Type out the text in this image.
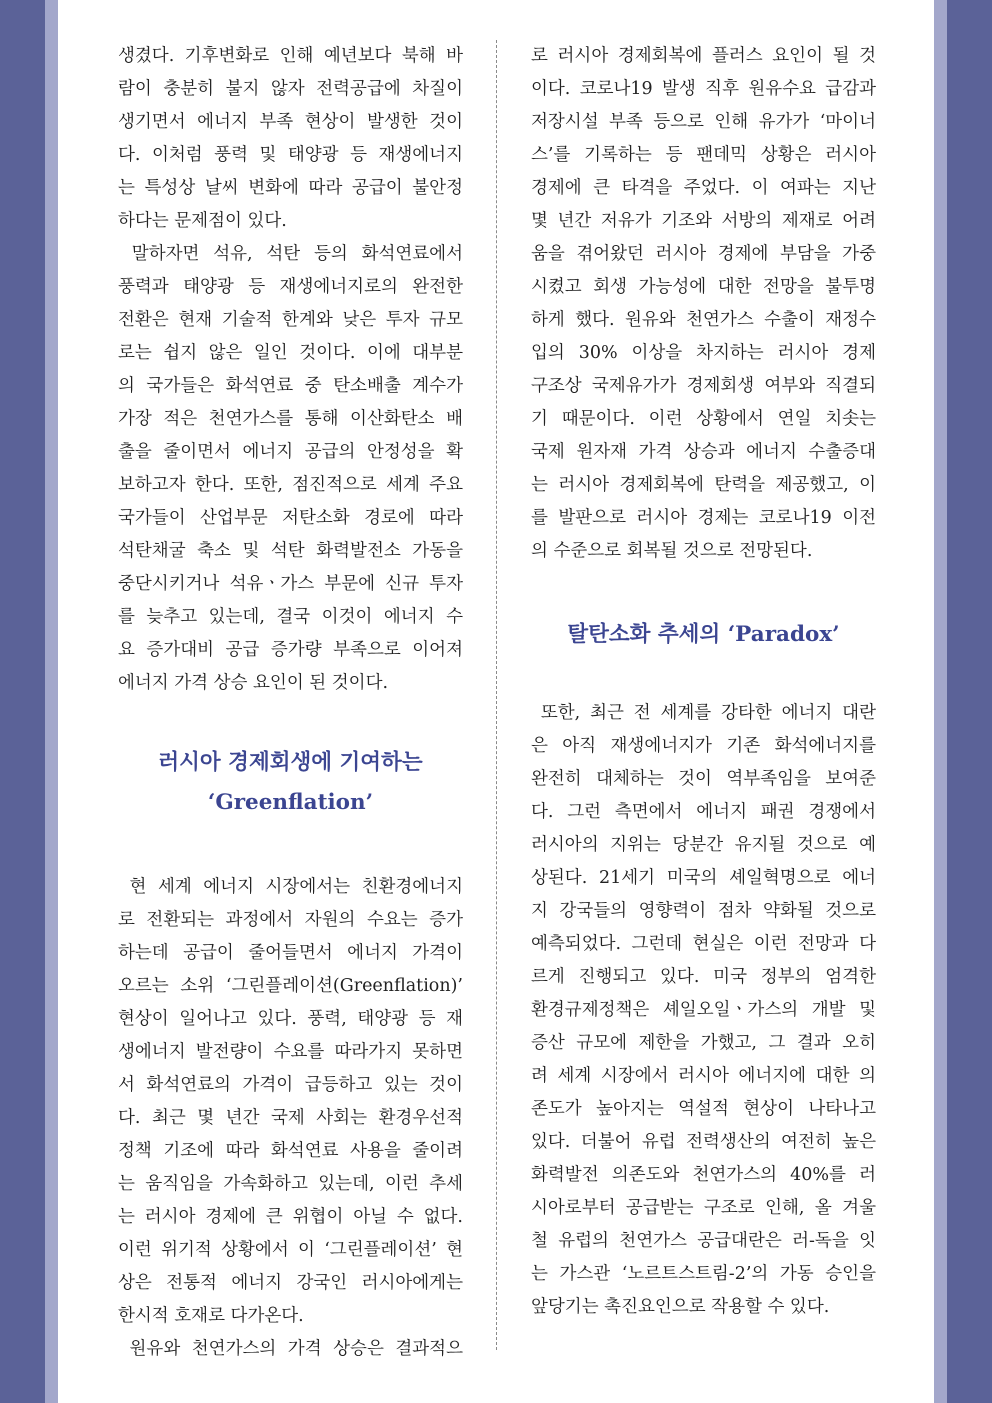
생겼다. 기후변화로 인해 예년보다 북해 바
람이 충분히 불지 않자 전력공급에 차질이
생기면서 에너지 부족 현상이 발생한 것이
다. 이처럼 풍력 및 태양광 등 재생에너지
는 특성상 날씨 변화에 따라 공급이 불안정
하다는 문제점이 있다.
말하자면 석유, 석탄 등의 화석연료에서
풍력과 태양광 등 재생에너지로의 완전한
전환은 현재 기술적 한계와 낮은 투자 규모
로는 쉽지 않은 일인 것이다. 이에 대부분
의 국가들은 화석연료 중 탄소배출 계수가
가장 적은 천연가스를 통해 이산화탄소 배
출을 줄이면서 에너지 공급의 안정성을 확
보하고자 한다. 또한, 점진적으로 세계 주요
국가들이 산업부문 저탄소화 경로에 따라
석탄채굴 축소 및 석탄 화력발전소 가동을
중단시키거나 석유ㆍ가스 부문에 신규 투자
를 늦추고 있는데, 결국 이것이 에너지 수
요 증가대비 공급 증가량 부족으로 이어져
에너지 가격 상승 요인이 된 것이다.
러시아 경제회생에 기여하는
‘Greenflation’
현 세계 에너지 시장에서는 친환경에너지
로 전환되는 과정에서 자원의 수요는 증가
하는데 공급이 줄어들면서 에너지 가격이
오르는 소위 ‘그린플레이션(Greenflation)’
현상이 일어나고 있다. 풍력, 태양광 등 재
생에너지 발전량이 수요를 따라가지 못하면
서 화석연료의 가격이 급등하고 있는 것이
다. 최근 몇 년간 국제 사회는 환경우선적
정책 기조에 따라 화석연료 사용을 줄이려
는 움직임을 가속화하고 있는데, 이런 추세
는 러시아 경제에 큰 위협이 아닐 수 없다.
이런 위기적 상황에서 이 ‘그린플레이션’ 현
상은 전통적 에너지 강국인 러시아에게는
한시적 호재로 다가온다.
원유와 천연가스의 가격 상승은 결과적으
로 러시아 경제회복에 플러스 요인이 될 것
이다. 코로나19 발생 직후 원유수요 급감과
저장시설 부족 등으로 인해 유가가 ‘마이너
스’를 기록하는 등 팬데믹 상황은 러시아
경제에 큰 타격을 주었다. 이 여파는 지난
몇 년간 저유가 기조와 서방의 제재로 어려
움을 겪어왔던 러시아 경제에 부담을 가중
시켰고 회생 가능성에 대한 전망을 불투명
하게 했다. 원유와 천연가스 수출이 재정수
입의 30% 이상을 차지하는 러시아 경제
구조상 국제유가가 경제회생 여부와 직결되
기 때문이다. 이런 상황에서 연일 치솟는
국제 원자재 가격 상승과 에너지 수출증대
는 러시아 경제회복에 탄력을 제공했고, 이
를 발판으로 러시아 경제는 코로나19 이전
의 수준으로 회복될 것으로 전망된다.
탈탄소화 추세의 ‘Paradox’
또한, 최근 전 세계를 강타한 에너지 대란
은 아직 재생에너지가 기존 화석에너지를
완전히 대체하는 것이 역부족임을 보여준
다. 그런 측면에서 에너지 패권 경쟁에서
러시아의 지위는 당분간 유지될 것으로 예
상된다. 21세기 미국의 셰일혁명으로 에너
지 강국들의 영향력이 점차 약화될 것으로
예측되었다. 그런데 현실은 이런 전망과 다
르게 진행되고 있다. 미국 정부의 엄격한
환경규제정책은 셰일오일ㆍ가스의 개발 및
증산 규모에 제한을 가했고, 그 결과 오히
려 세계 시장에서 러시아 에너지에 대한 의
존도가 높아지는 역설적 현상이 나타나고
있다. 더불어 유럽 전력생산의 여전히 높은
화력발전 의존도와 천연가스의 40%를 러
시아로부터 공급받는 구조로 인해, 올 겨울
철 유럽의 천연가스 공급대란은 러-독을 잇
는 가스관 ‘노르트스트림-2’의 가동 승인을
앞당기는 촉진요인으로 작용할 수 있다.
